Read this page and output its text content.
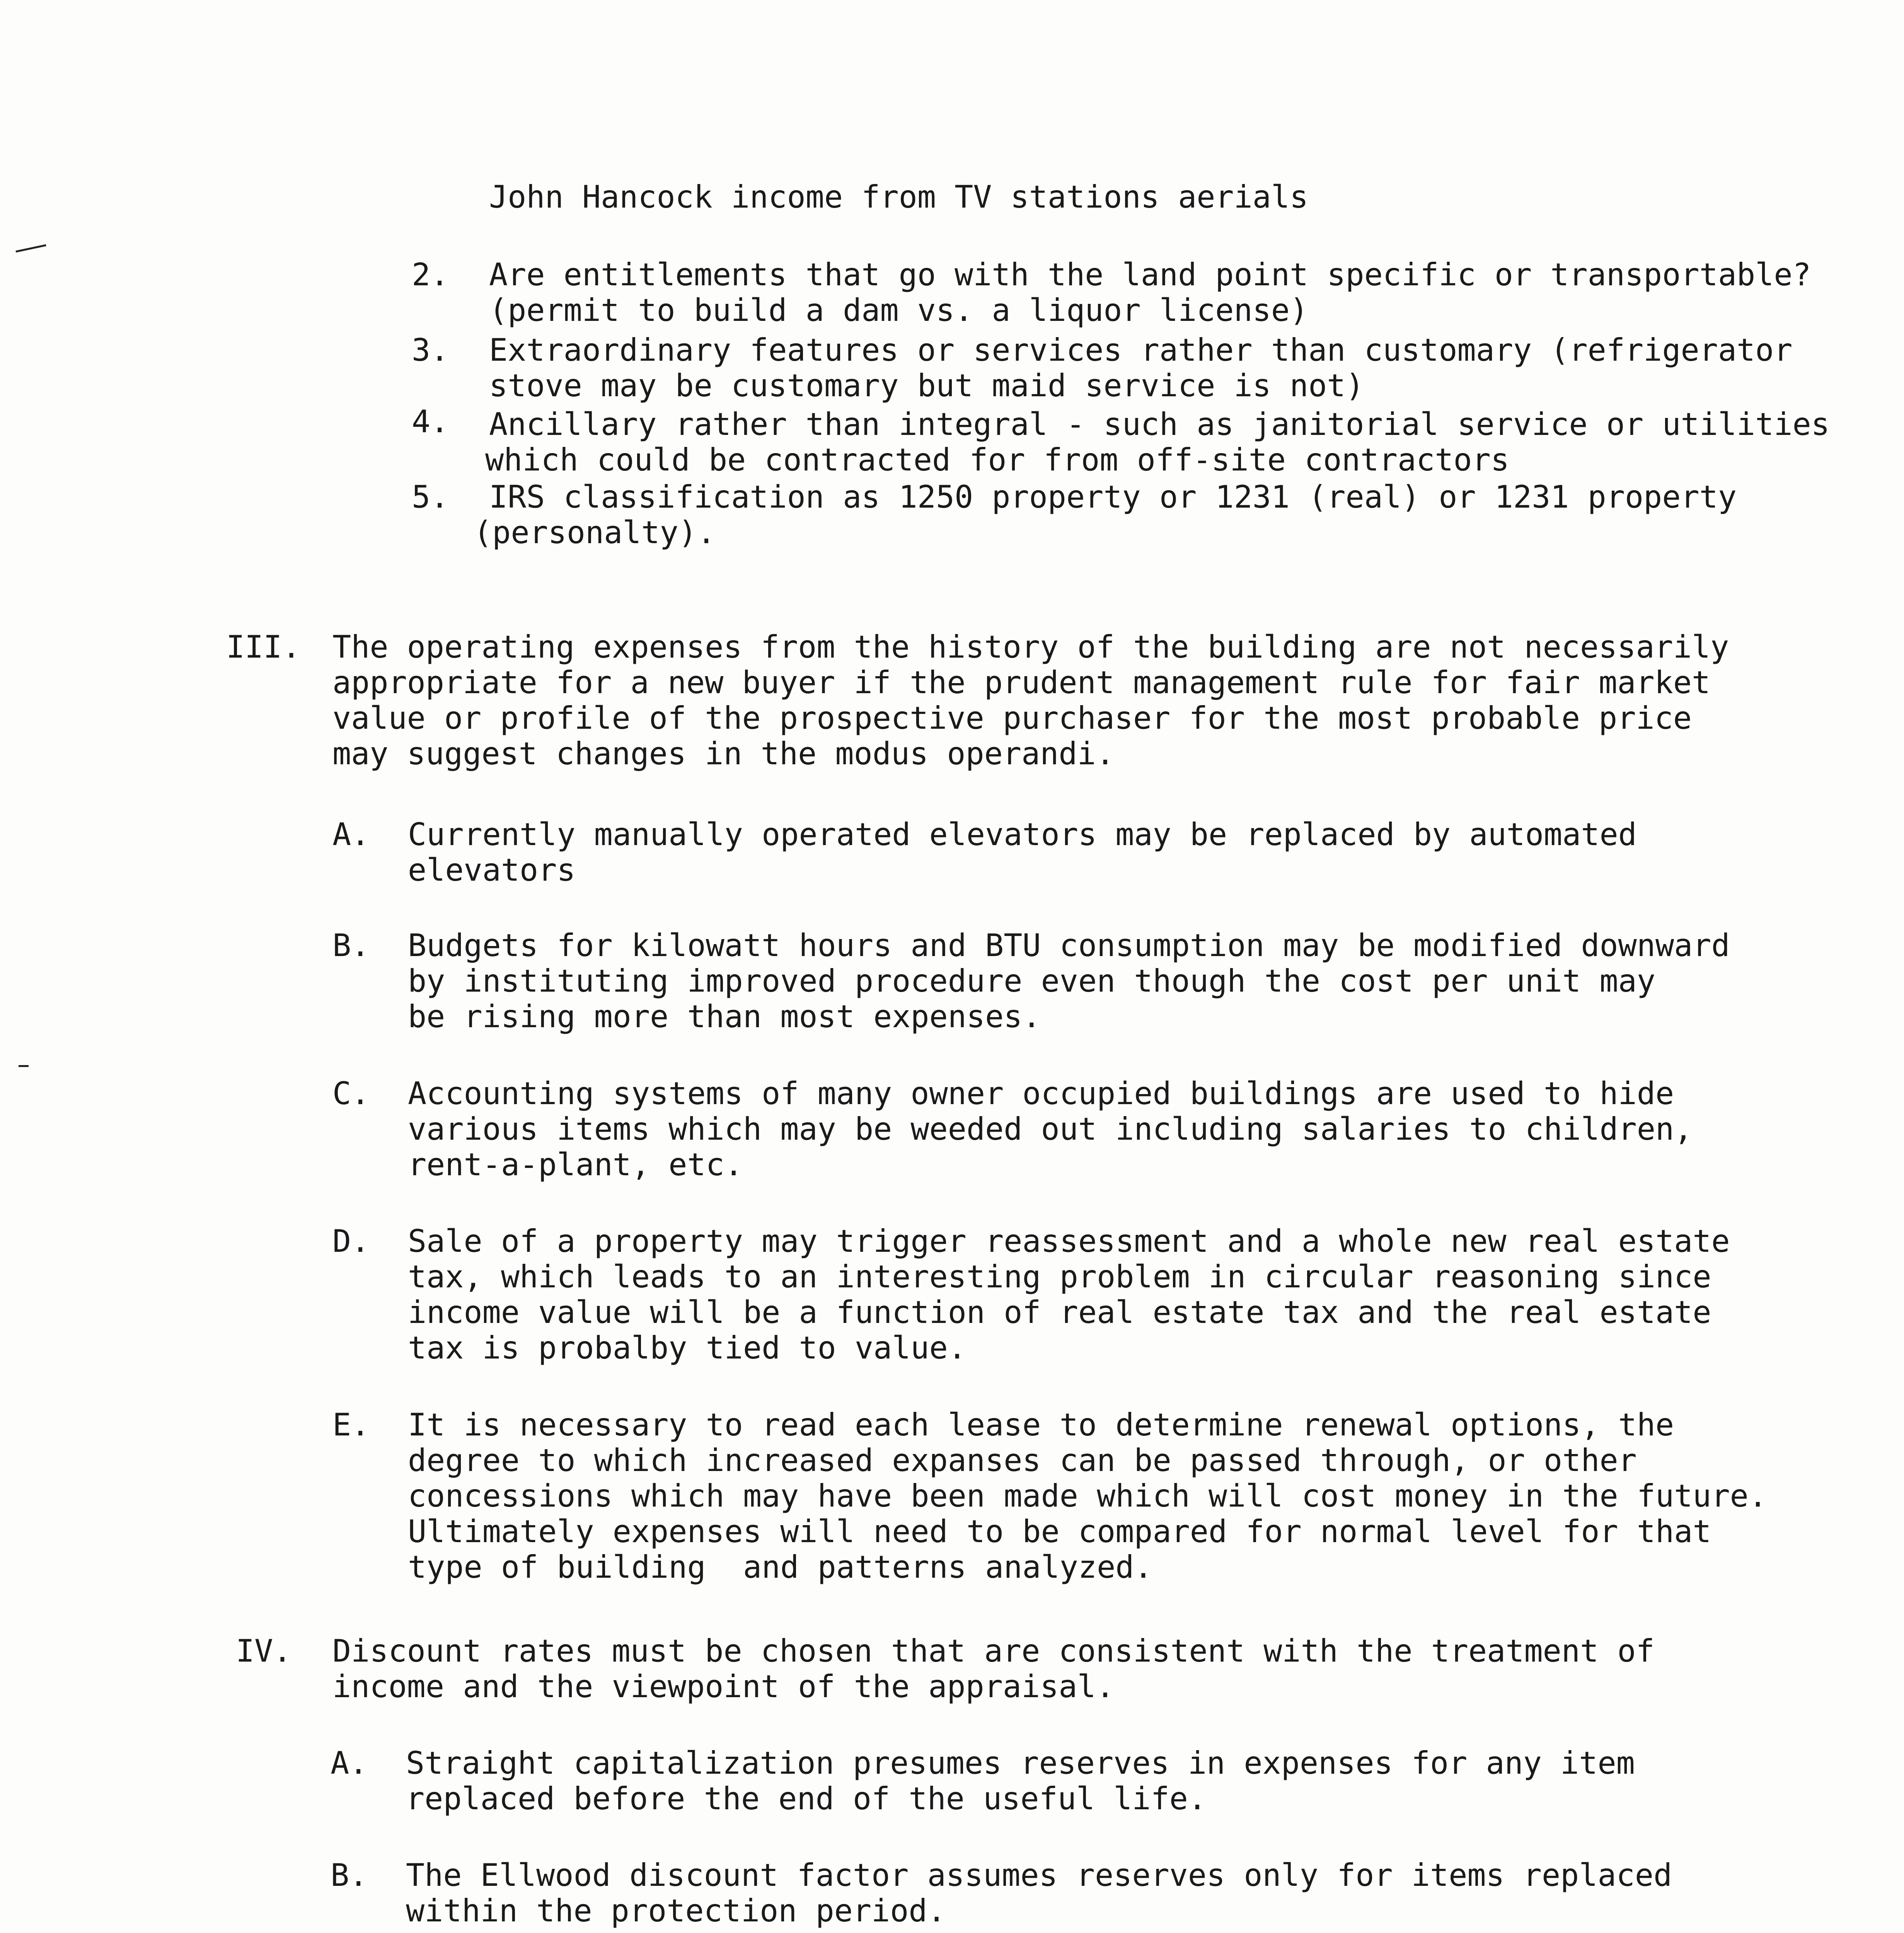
John Hancock income from TV stations aerials
2. Are entitlements that go with the land point specific or transportable?
(permit to build a dam vs. a liquor license)
3. Extraordinary features or services rather than customary (refrigerator
stove may be customary but maid service is not)
4. Ancillary rather than integral - such as janitorial service or utilities
which could be contracted for from off-site contractors
5. IRS classification as 1250 property or 1231 (real) or 1231 property
(personalty).
III. The operating expenses from the history of the building are not necessarily
appropriate for a new buyer if the prudent management rule for fair market
value or profile of the prospective purchaser for the most probable price
may suggest changes in the modus operandi.
A. Currently manually operated elevators may be replaced by automated
elevators
B. Budgets for kilowatt hours and BTU consumption may be modified downward
by instituting improved procedure even though the cost per unit may
be rising more than most expenses.
C. Accounting systems of many owner occupied buildings are used to hide
various items which may be weeded out including salaries to children,
rent-a-plant, etc.
D. Sale of a property may trigger reassessment and a whole new real estate
tax, which leads to an interesting problem in circular reasoning since
income value will be a function of real estate tax and the real estate
tax is probalby tied to value.
E. It is necessary to read each lease to determine renewal options, the
degree to which increased expanses can be passed through, or other
concessions which may have been made which will cost money in the future.
Ultimately expenses will need to be compared for normal level for that
type of building  and patterns analyzed.
IV. Discount rates must be chosen that are consistent with the treatment of
income and the viewpoint of the appraisal.
A. Straight capitalization presumes reserves in expenses for any item
replaced before the end of the useful life.
B. The Ellwood discount factor assumes reserves only for items replaced
within the protection period.
